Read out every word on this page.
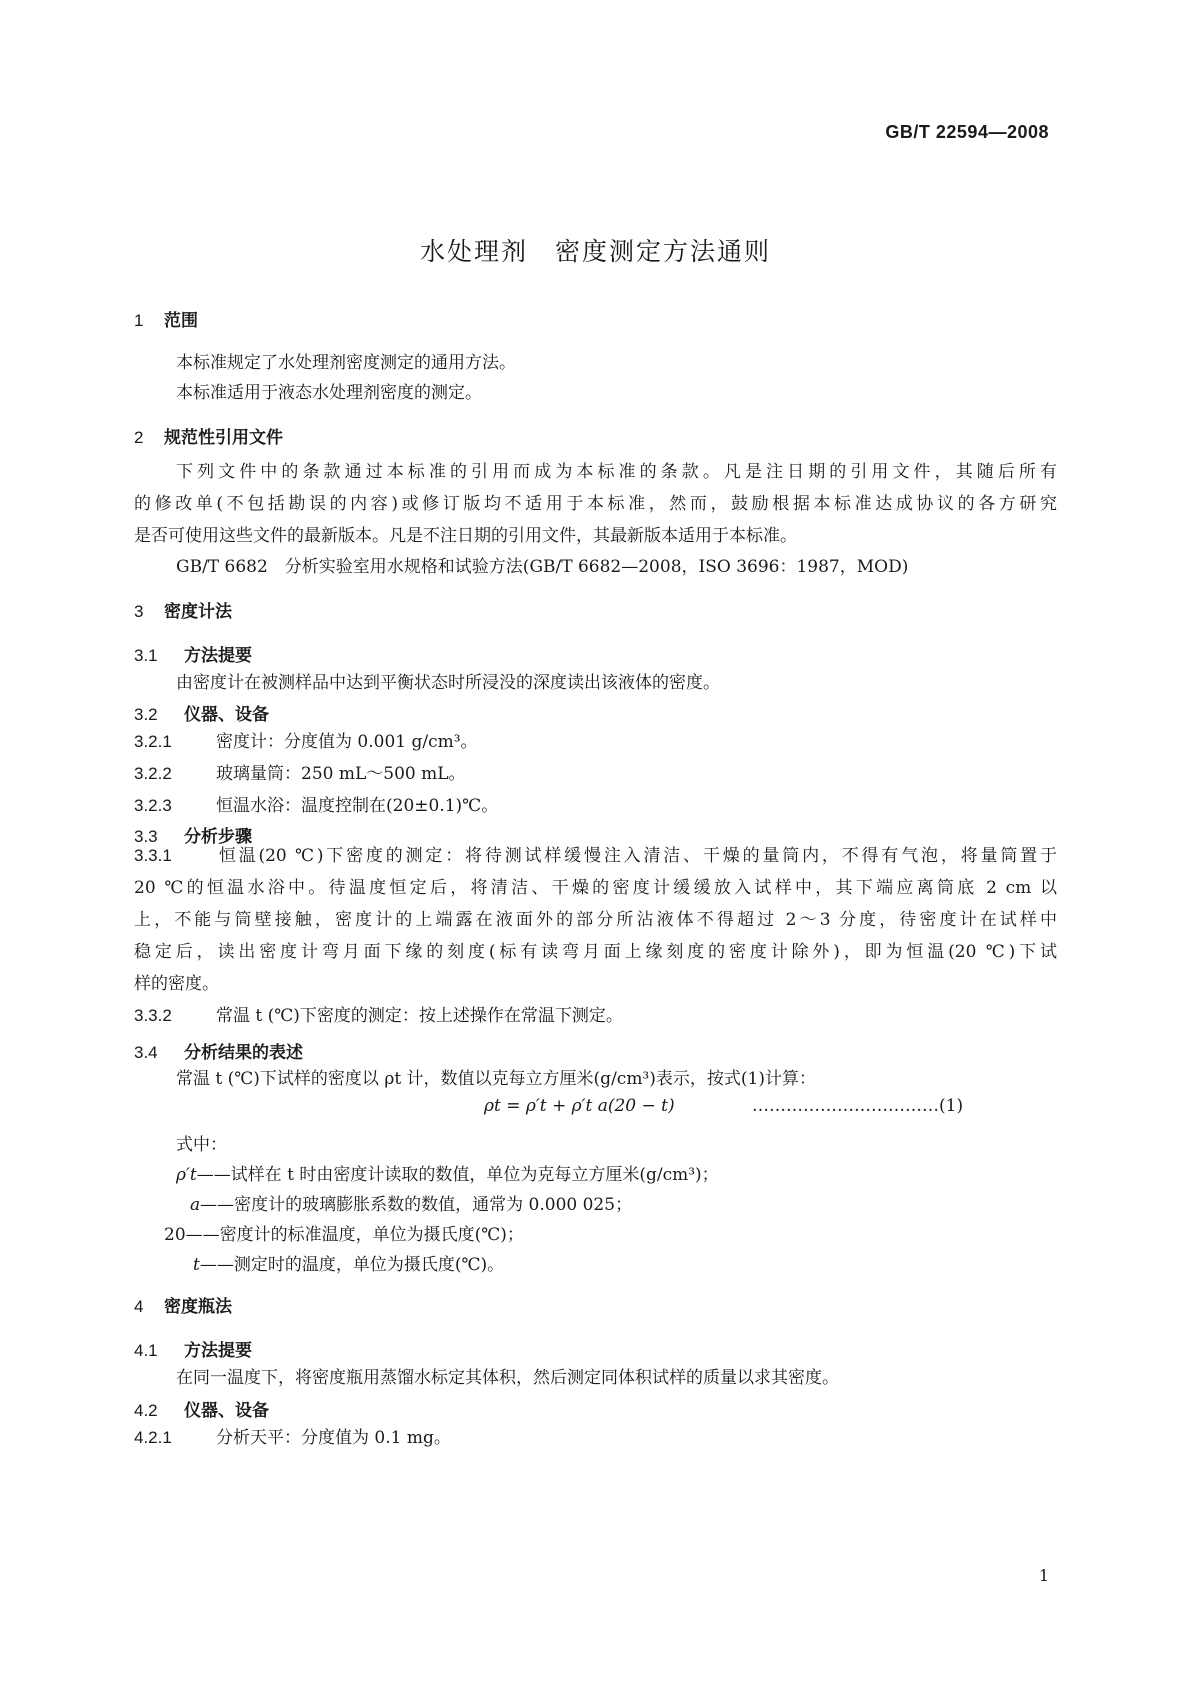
GB/T 22594—2008
水处理剂　密度测定方法通则
1 范围
本标准规定了水处理剂密度测定的通用方法。
本标准适用于液态水处理剂密度的测定。
2 规范性引用文件
下列文件中的条款通过本标准的引用而成为本标准的条款。凡是注日期的引用文件，其随后所有
的修改单(不包括勘误的内容)或修订版均不适用于本标准，然而，鼓励根据本标准达成协议的各方研究
是否可使用这些文件的最新版本。凡是不注日期的引用文件，其最新版本适用于本标准。
GB/T 6682　分析实验室用水规格和试验方法(GB/T 6682—2008，ISO 3696：1987，MOD)
3 密度计法
3.1 方法提要
由密度计在被测样品中达到平衡状态时所浸没的深度读出该液体的密度。
3.2 仪器、设备
3.2.1	密度计：分度值为 0.001 g/cm³。
3.2.2	玻璃量筒：250 mL～500 mL。
3.2.3	恒温水浴：温度控制在(20±0.1)℃。
3.3 分析步骤
3.3.1	恒温(20 ℃)下密度的测定：将待测试样缓慢注入清洁、干燥的量筒内，不得有气泡，将量筒置于
20 ℃的恒温水浴中。待温度恒定后，将清洁、干燥的密度计缓缓放入试样中，其下端应离筒底 2 cm 以
上，不能与筒壁接触，密度计的上端露在液面外的部分所沾液体不得超过 2～3 分度，待密度计在试样中
稳定后，读出密度计弯月面下缘的刻度(标有读弯月面上缘刻度的密度计除外)，即为恒温(20 ℃)下试
样的密度。
3.3.2	常温 t (℃)下密度的测定：按上述操作在常温下测定。
3.4 分析结果的表述
常温 t (℃)下试样的密度以 ρt 计，数值以克每立方厘米(g/cm³)表示，按式(1)计算：
ρt = ρ′t + ρ′t a(20 − t)	……………………………(1)
式中：
ρ′t——试样在 t 时由密度计读取的数值，单位为克每立方厘米(g/cm³)；
a——密度计的玻璃膨胀系数的数值，通常为 0.000 025；
20——密度计的标准温度，单位为摄氏度(℃)；
t——测定时的温度，单位为摄氏度(℃)。
4 密度瓶法
4.1 方法提要
在同一温度下，将密度瓶用蒸馏水标定其体积，然后测定同体积试样的质量以求其密度。
4.2 仪器、设备
4.2.1	分析天平：分度值为 0.1 mg。
1
